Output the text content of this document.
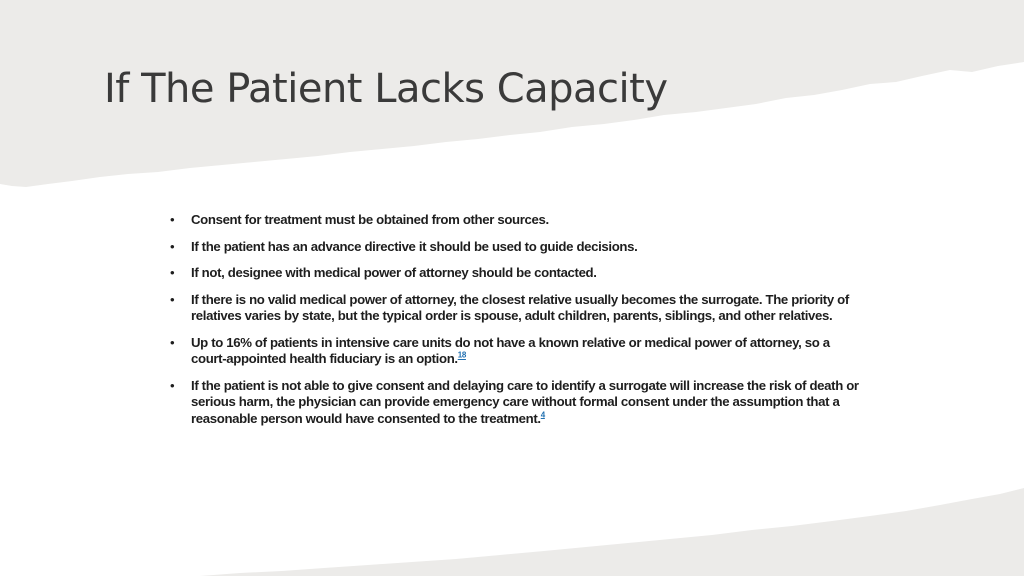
If The Patient Lacks Capacity
• Consent for treatment must be obtained from other sources.
• If the patient has an advance directive it should be used to guide decisions.
• If not, designee with medical power of attorney should be contacted.
• If there is no valid medical power of attorney, the closest relative usually becomes the surrogate. The priority of relatives varies by state, but the typical order is spouse, adult children, parents, siblings, and other relatives.
• Up to 16% of patients in intensive care units do not have a known relative or medical power of attorney, so a court-appointed health fiduciary is an option.$^{18}$
• If the patient is not able to give consent and delaying care to identify a surrogate will increase the risk of death or serious harm, the physician can provide emergency care without formal consent under the assumption that a reasonable person would have consented to the treatment.$^4$
